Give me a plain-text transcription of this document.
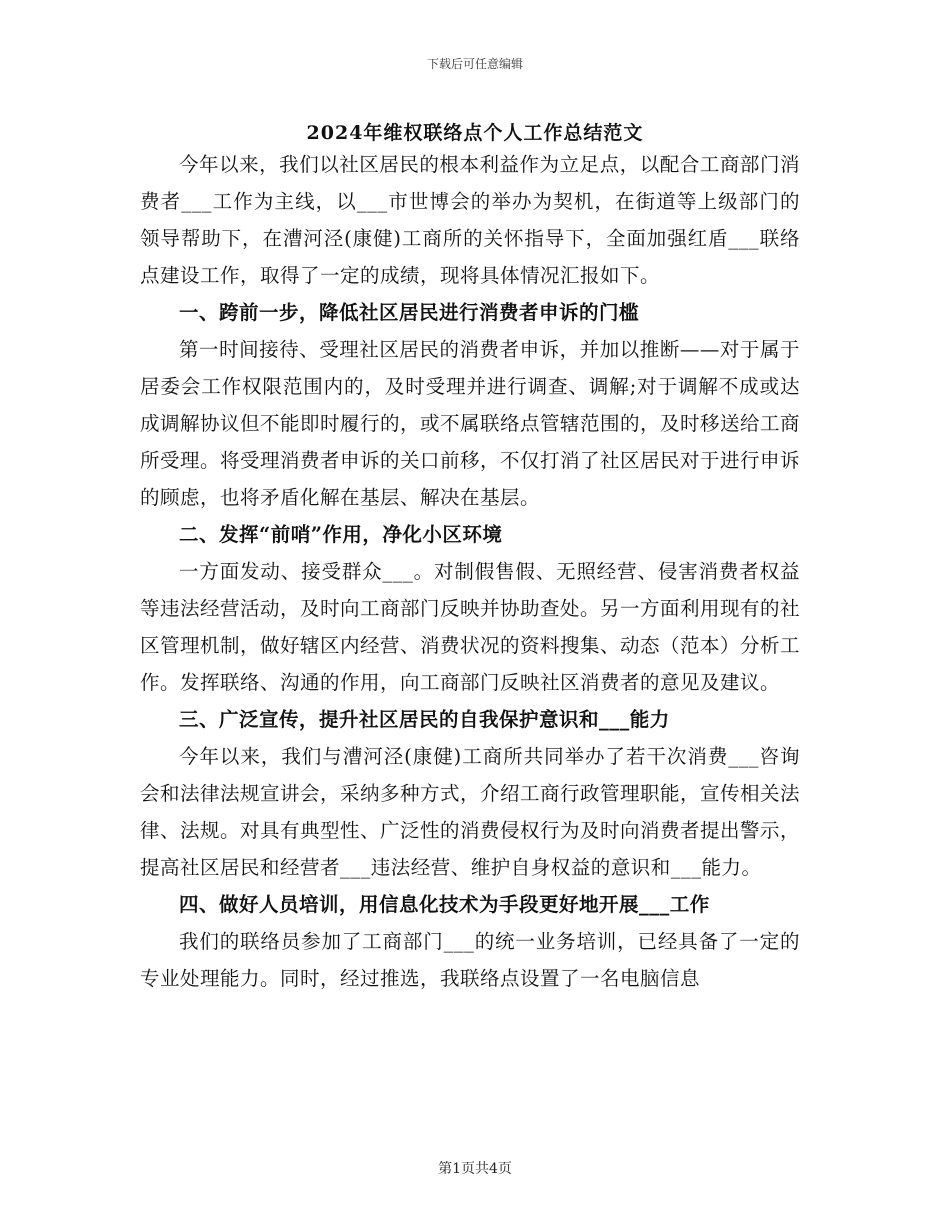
下载后可任意编辑
2024年维权联络点个人工作总结范文

今年以来，我们以社区居民的根本利益作为立足点，以配合工商部门消费者___工作为主线，以___市世博会的举办为契机，在街道等上级部门的领导帮助下，在漕河泾(康健)工商所的关怀指导下，全面加强红盾___联络点建设工作，取得了一定的成绩，现将具体情况汇报如下。

一、跨前一步，降低社区居民进行消费者申诉的门槛

第一时间接待、受理社区居民的消费者申诉，并加以推断——对于属于居委会工作权限范围内的，及时受理并进行调查、调解;对于调解不成或达成调解协议但不能即时履行的，或不属联络点管辖范围的，及时移送给工商所受理。将受理消费者申诉的关口前移，不仅打消了社区居民对于进行申诉的顾虑，也将矛盾化解在基层、解决在基层。

二、发挥“前哨”作用，净化小区环境

一方面发动、接受群众___。对制假售假、无照经营、侵害消费者权益等违法经营活动，及时向工商部门反映并协助查处。另一方面利用现有的社区管理机制，做好辖区内经营、消费状况的资料搜集、动态（范本）分析工作。发挥联络、沟通的作用，向工商部门反映社区消费者的意见及建议。

三、广泛宣传，提升社区居民的自我保护意识和___能力

今年以来，我们与漕河泾(康健)工商所共同举办了若干次消费___咨询会和法律法规宣讲会，采纳多种方式，介绍工商行政管理职能，宣传相关法律、法规。对具有典型性、广泛性的消费侵权行为及时向消费者提出警示，提高社区居民和经营者___违法经营、维护自身权益的意识和___能力。

四、做好人员培训，用信息化技术为手段更好地开展___工作

我们的联络员参加了工商部门___的统一业务培训，已经具备了一定的专业处理能力。同时，经过推选，我联络点设置了一名电脑信息

第1页共4页
